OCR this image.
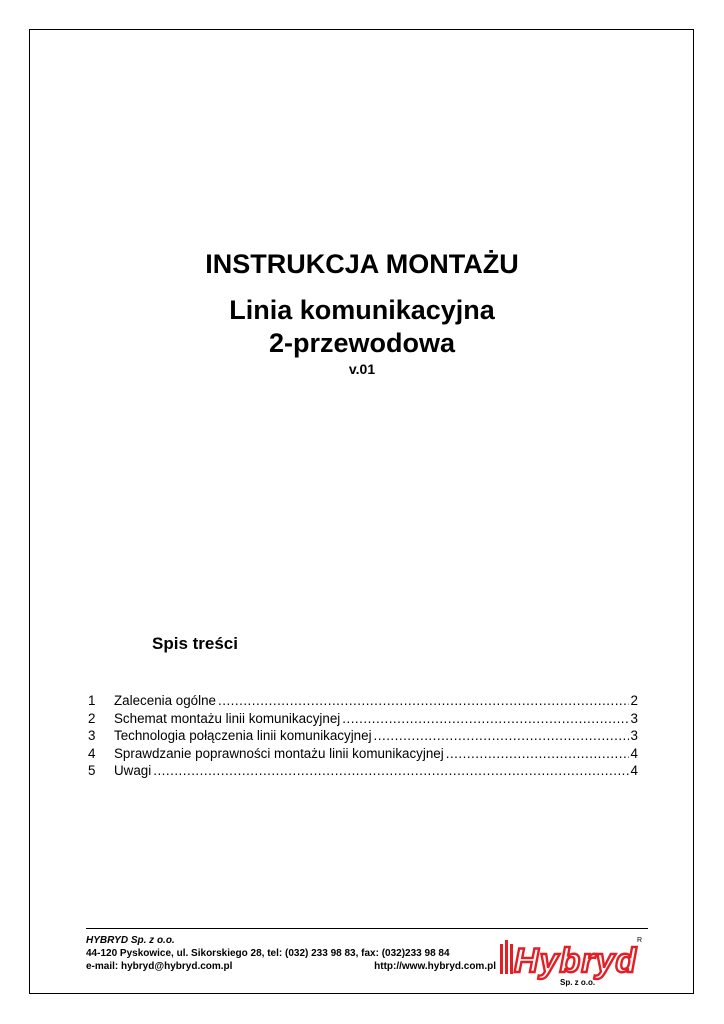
INSTRUKCJA MONTAŻU
Linia komunikacyjna
2-przewodowa
v.01
Spis treści
1	Zalecenia ogólne .....	2
2	Schemat montażu linii komunikacyjnej .....	3
3	Technologia połączenia linii komunikacyjnej .....	3
4	Sprawdzanie poprawności montażu linii komunikacyjnej .....	4
5	Uwagi .....	4
HYBRYD Sp. z o.o.
44-120 Pyskowice, ul. Sikorskiego 28, tel: (032) 233 98 83, fax: (032)233 98 84
e-mail: hybryd@hybryd.com.pl	http://www.hybryd.com.pl Hybryd
Sp. z o.o.
R
